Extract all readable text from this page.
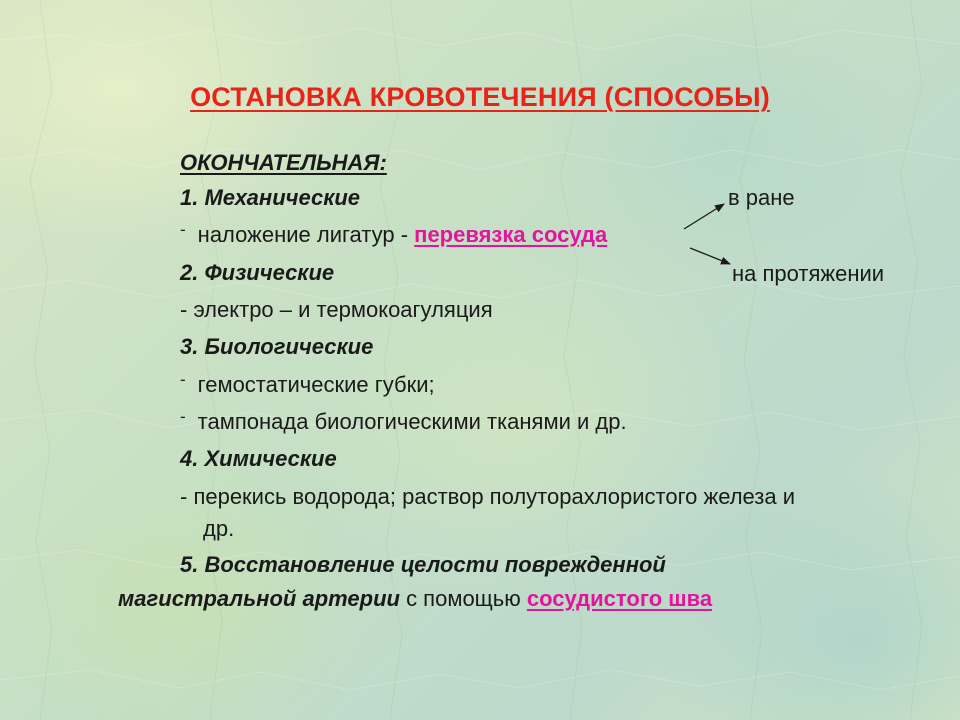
ОСТАНОВКА КРОВОТЕЧЕНИЯ (СПОСОБЫ)
ОКОНЧАТЕЛЬНАЯ:
1. Механические	в ране
- наложение лигатур - перевязка сосуда
2. Физические	на протяжении
- электро – и термокоагуляция
3. Биологические
- гемостатические губки;
- тампонада биологическими тканями и др.
4. Химические
- перекись водорода; раствор полуторахлористого железа и
др.
5. Восстановление целости поврежденной
магистральной артерии с помощью сосудистого шва
